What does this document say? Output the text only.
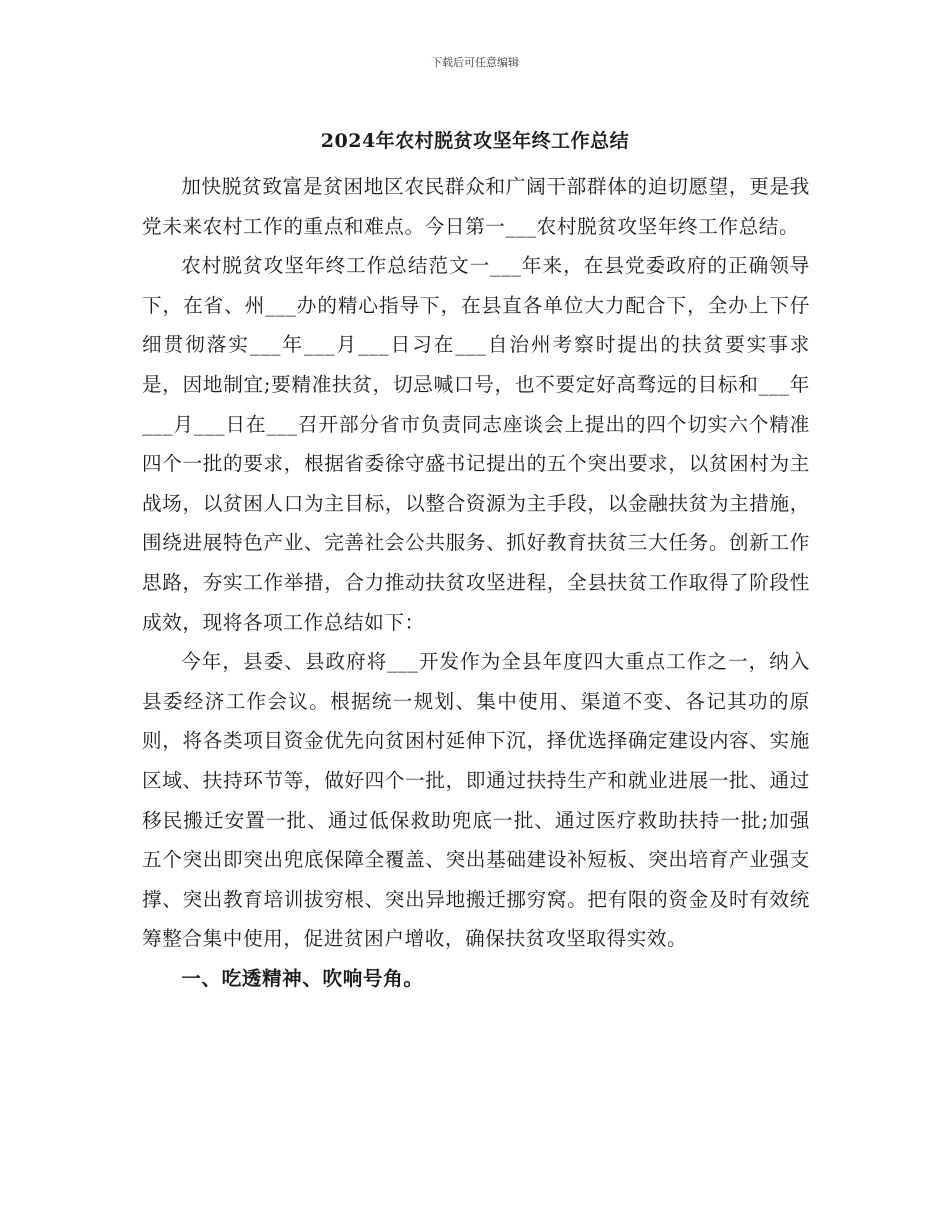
下载后可任意编辑
2024年农村脱贫攻坚年终工作总结

加快脱贫致富是贫困地区农民群众和广阔干部群体的迫切愿望，更是我党未来农村工作的重点和难点。今日第一___农村脱贫攻坚年终工作总结。

农村脱贫攻坚年终工作总结范文一___年来，在县党委政府的正确领导下，在省、州___办的精心指导下，在县直各单位大力配合下，全办上下仔细贯彻落实___年___月___日习在___自治州考察时提出的扶贫要实事求是，因地制宜;要精准扶贫，切忌喊口号，也不要定好高骛远的目标和___年___月___日在___召开部分省市负责同志座谈会上提出的四个切实六个精准四个一批的要求，根据省委徐守盛书记提出的五个突出要求，以贫困村为主战场，以贫困人口为主目标，以整合资源为主手段，以金融扶贫为主措施，围绕进展特色产业、完善社会公共服务、抓好教育扶贫三大任务。创新工作思路，夯实工作举措，合力推动扶贫攻坚进程，全县扶贫工作取得了阶段性成效，现将各项工作总结如下：

今年，县委、县政府将___开发作为全县年度四大重点工作之一，纳入县委经济工作会议。根据统一规划、集中使用、渠道不变、各记其功的原则，将各类项目资金优先向贫困村延伸下沉，择优选择确定建设内容、实施区域、扶持环节等，做好四个一批，即通过扶持生产和就业进展一批、通过移民搬迁安置一批、通过低保救助兜底一批、通过医疗救助扶持一批;加强五个突出即突出兜底保障全覆盖、突出基础建设补短板、突出培育产业强支撑、突出教育培训拔穷根、突出异地搬迁挪穷窝。把有限的资金及时有效统筹整合集中使用，促进贫困户增收，确保扶贫攻坚取得实效。

一、吃透精神、吹响号角。
